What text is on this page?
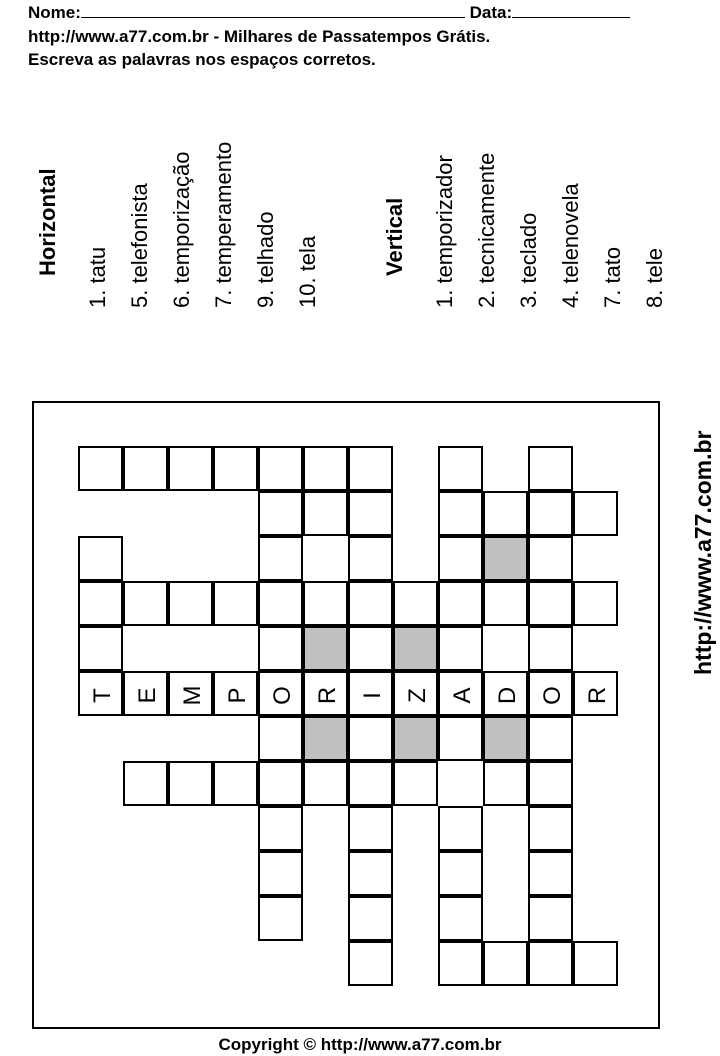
Nome:	Data:
http://www.a77.com.br - Milhares de Passatempos Grátis.
Escreva as palavras nos espaços corretos.
Horizontal
1. tatu 5. telefonista 6. temporização 7. temperamento 9. telhado 10. tela	Vertical 1. temporizador 2. tecnicamente 3. teclado 4. telenovela 7. tato 8. tele
T E M P O R I Z A D O R
http://www.a77.com.br
Copyright © http://www.a77.com.br
